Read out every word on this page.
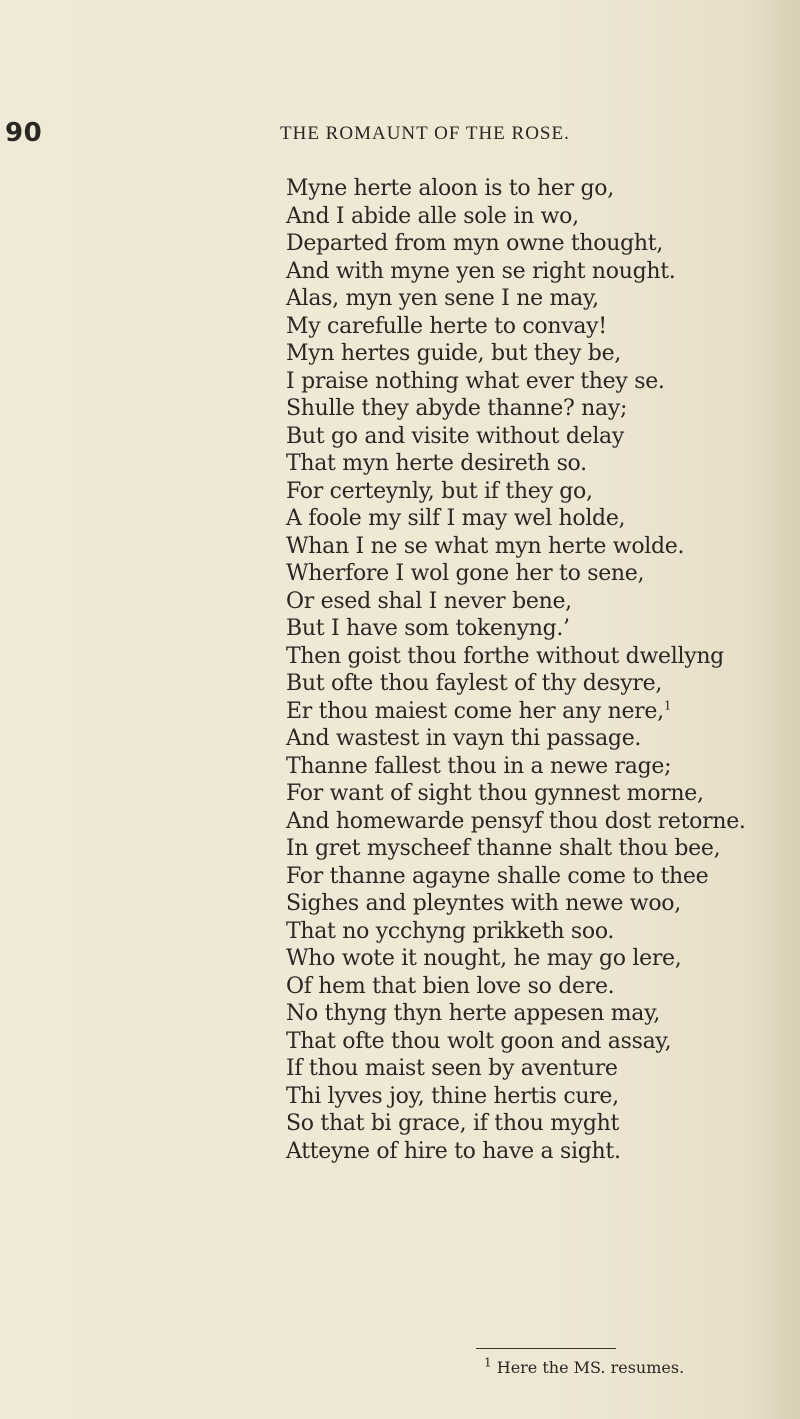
90	THE ROMAUNT OF THE ROSE.
Myne herte aloon is to her go,
And I abide alle sole in wo,
Departed from myn owne thought,
And with myne yen se right nought.
Alas, myn yen sene I ne may,
My carefulle herte to convay!
Myn hertes guide, but they be,
I praise nothing what ever they se.
Shulle they abyde thanne? nay;
But go and visite without delay
That myn herte desireth so.
For certeynly, but if they go,
A foole my silf I may wel holde,
Whan I ne se what myn herte wolde.
Wherfore I wol gone her to sene,
Or esed shal I never bene,
But I have som tokenyng.’
Then goist thou forthe without dwellyng
But ofte thou faylest of thy desyre,
Er thou maiest come her any nere,$^1$
And wastest in vayn thi passage.
Thanne fallest thou in a newe rage;
For want of sight thou gynnest morne,
And homewarde pensyf thou dost retorne.
In gret myscheef thanne shalt thou bee,
For thanne agayne shalle come to thee
Sighes and pleyntes with newe woo,
That no ycchyng prikketh soo.
Who wote it nought, he may go lere,
Of hem that bien love so dere.
No thyng thyn herte appesen may,
That ofte thou wolt goon and assay,
If thou maist seen by aventure
Thi lyves joy, thine hertis cure,
So that bi grace, if thou myght
Atteyne of hire to have a sight.
$^1$ Here the MS. resumes.
